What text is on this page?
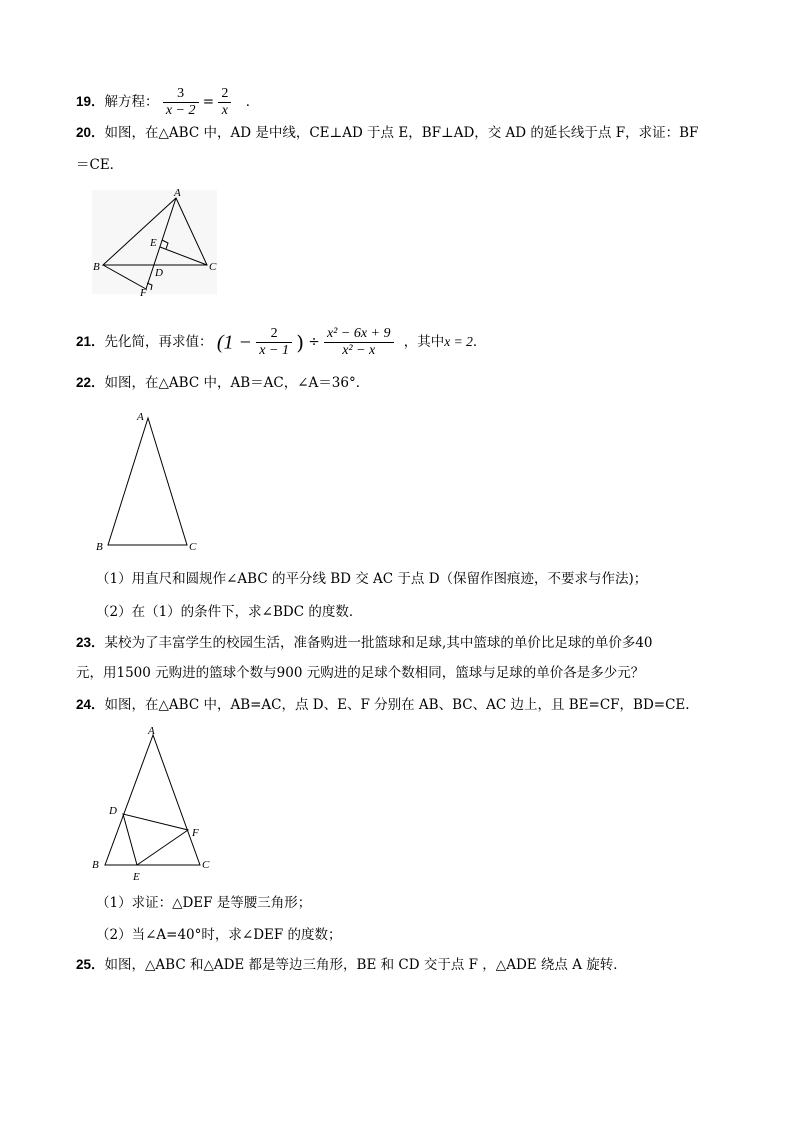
19．解方程： $\frac{3}{x - 2} = \frac{2}{x}$ ．
20．如图，在△ABC 中，AD 是中线，CE⊥AD 于点 E，BF⊥AD，交 AD 的延长线于点 F，求证：BF
＝CE．
A
B	C
D
E
F
21．先化简，再求值： ($1 - \frac{2}{x - 1}$ ) ÷ $\frac{\text{x² − 6x + 9}}{\text{x² − x}}$ ，其中x = 2．
22．如图，在△ABC 中，AB＝AC，∠A＝36°．
A
B	C
（1）用直尺和圆规作∠ABC 的平分线 BD 交 AC 于点 D（保留作图痕迹，不要求与作法)；
（2）在（1）的条件下，求∠BDC 的度数．
23．某校为了丰富学生的校园生活，准备购进一批篮球和足球,其中篮球的单价比足球的单价多40
元，用1500 元购进的篮球个数与900 元购进的足球个数相同，篮球与足球的单价各是多少元？
24．如图，在△ABC 中，AB=AC，点 D、E、F 分别在 AB、BC、AC 边上，且 BE=CF，BD=CE.
A
B	C
D
E
F
（1）求证：△DEF 是等腰三角形；
（2）当∠A=40°时，求∠DEF 的度数；
25．如图，△ABC 和△ADE 都是等边三角形，BE 和 CD 交于点 F ，△ADE 绕点 A 旋转．
